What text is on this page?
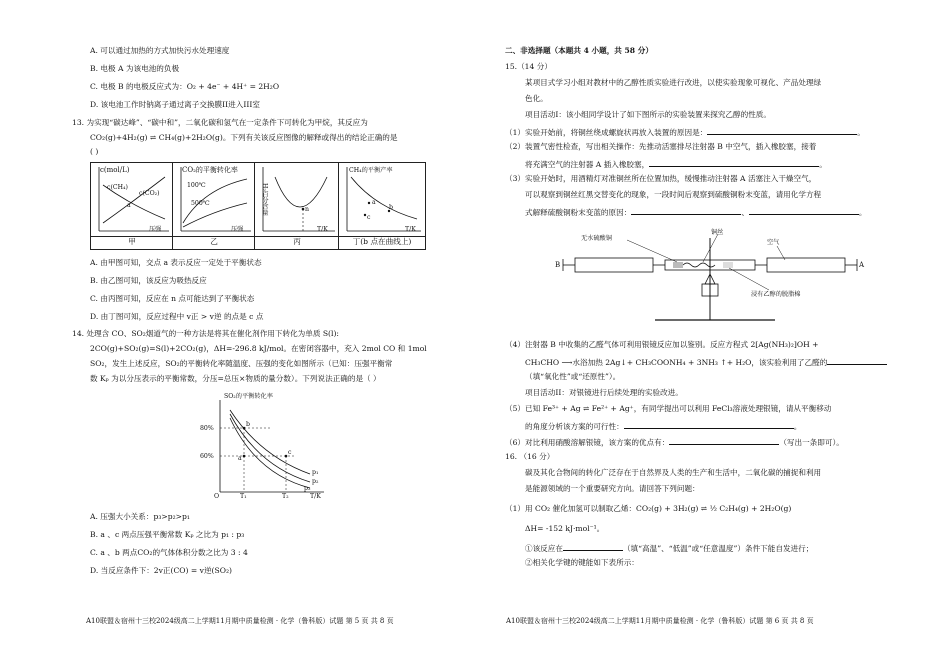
A. 可以通过加热的方式加快污水处理速度
B. 电极 A 为该电池的负极
C. 电极 B 的电极反应式为：O₂ + 4e⁻ + 4H⁺ = 2H₂O
D. 该电池工作时钠离子通过离子交换膜II进入III室
13. 为实现“碳达峰”、“碳中和”，二氧化碳和氢气在一定条件下可转化为甲烷，其反应为
CO₂(g)+4H₂(g) ⇌ CH₄(g)+2H₂O(g)。下列有关该反应图像的解释或得出的结论正确的是
( )
c(mol/L)
c(CH₄)
c(CO₂)
a
压强
CO₂的平衡转化率
100℃
500℃
压强
H₂百分含量	n
T/K
CH₄的平衡产率
a
b
c
T/K
甲	乙	丙	丁(b 点在曲线上)
A. 由甲图可知，交点 a 表示反应一定处于平衡状态
B. 由乙图可知，该反应为吸热反应
C. 由丙图可知，反应在 n 点可能达到了平衡状态
D. 由丁图可知，反应过程中 v正 > v逆 的点是 c 点
14. 处理含 CO、SO₂烟道气的一种方法是将其在催化剂作用下转化为单质 S(l):
2CO(g)+SO₂(g)=S(l)+2CO₂(g)，ΔH=-296.8 kJ/mol。在密闭容器中，充入 2mol CO 和 1mol
SO₂，发生上述反应，SO₂的平衡转化率随温度、压强的变化如图所示（已知：压强平衡常
数 Kₚ 为以分压表示的平衡常数，分压=总压×物质的量分数）。下列说法正确的是（ ）
SO₂的平衡转化率
80%
60%
O	T₁	T₂	T/K
a
b
c
p₁
p₂
p₃
A. 压强大小关系：p₃>p₂>p₁
B. a 、c 两点压强平衡常数 Kₚ 之比为 p₁ : p₃
C. a 、b 两点CO₂的气体体积分数之比为 3 : 4
D. 当反应条件下：2v正(CO) = v逆(SO₂)
A10联盟＆宿州十三校2024级高二上学期11月期中质量检测 · 化学（鲁科版）试题 第 5 页 共 8 页
二、非选择题（本题共 4 小题，共 58 分）
15.（14 分）
某项目式学习小组对教材中的乙醇性质实验进行改进，以使实验现象可视化、产品处理绿
色化。
项目活动I：该小组同学设计了如下图所示的实验装置来探究乙醇的性质。
（1）实验开始前，将铜丝绕成螺旋状再放入装置的原因是：	。
（2）装置气密性检查，写出相关操作：先推动活塞排尽注射器 B 中空气，插入橡胶塞，接着
将充满空气的注射器 A 插入橡胶塞，	。
（3）实验开始时，用酒精灯对准铜丝所在位置加热，缓慢推动注射器 A 活塞注入干燥空气，
可以观察到铜丝红黑交替变化的现象，一段时间后观察到硫酸铜粉末变蓝，请用化学方程
式解释硫酸铜粉末变蓝的原因：	、	。
无水硫酸铜
铜丝
空气
B	A
浸有乙醇的脱脂棉
（4）注射器 B 中收集的乙醛气体可利用银镜反应加以鉴别。反应方程式 2[Ag(NH₃)₂]OH +
CH₃CHO ⟶水浴加热 2Ag↓+ CH₃COONH₄ + 3NH₃ ↑+ H₂O，该实验利用了乙醛的
（填“氧化性”或“还原性”）。
项目活动II：对银镜进行后续处理的实验改进。
（5）已知 Fe³⁺ + Ag ⇌ Fe²⁺ + Ag⁺，有同学提出可以利用 FeCl₃溶液处理银镜，请从平衡移动
的角度分析该方案的可行性：	。
（6）对比利用硝酸溶解银镜，该方案的优点有：	（写出一条即可）。
16. （16 分）
碳及其化合物间的转化广泛存在于自然界及人类的生产和生活中，二氧化碳的捕捉和利用
是能源领域的一个重要研究方向。请回答下列问题：
（1）用 CO₂ 催化加氢可以制取乙烯：CO₂(g) + 3H₂(g) ⇌ ½ C₂H₄(g) + 2H₂O(g)
ΔH= -152 kJ·mol⁻¹。
①该反应在	（填“高温”、“低温”或“任意温度”）条件下能自发进行；
②相关化学键的键能如下表所示：
A10联盟＆宿州十三校2024级高二上学期11月期中质量检测 · 化学（鲁科版）试题 第 6 页 共 8 页
